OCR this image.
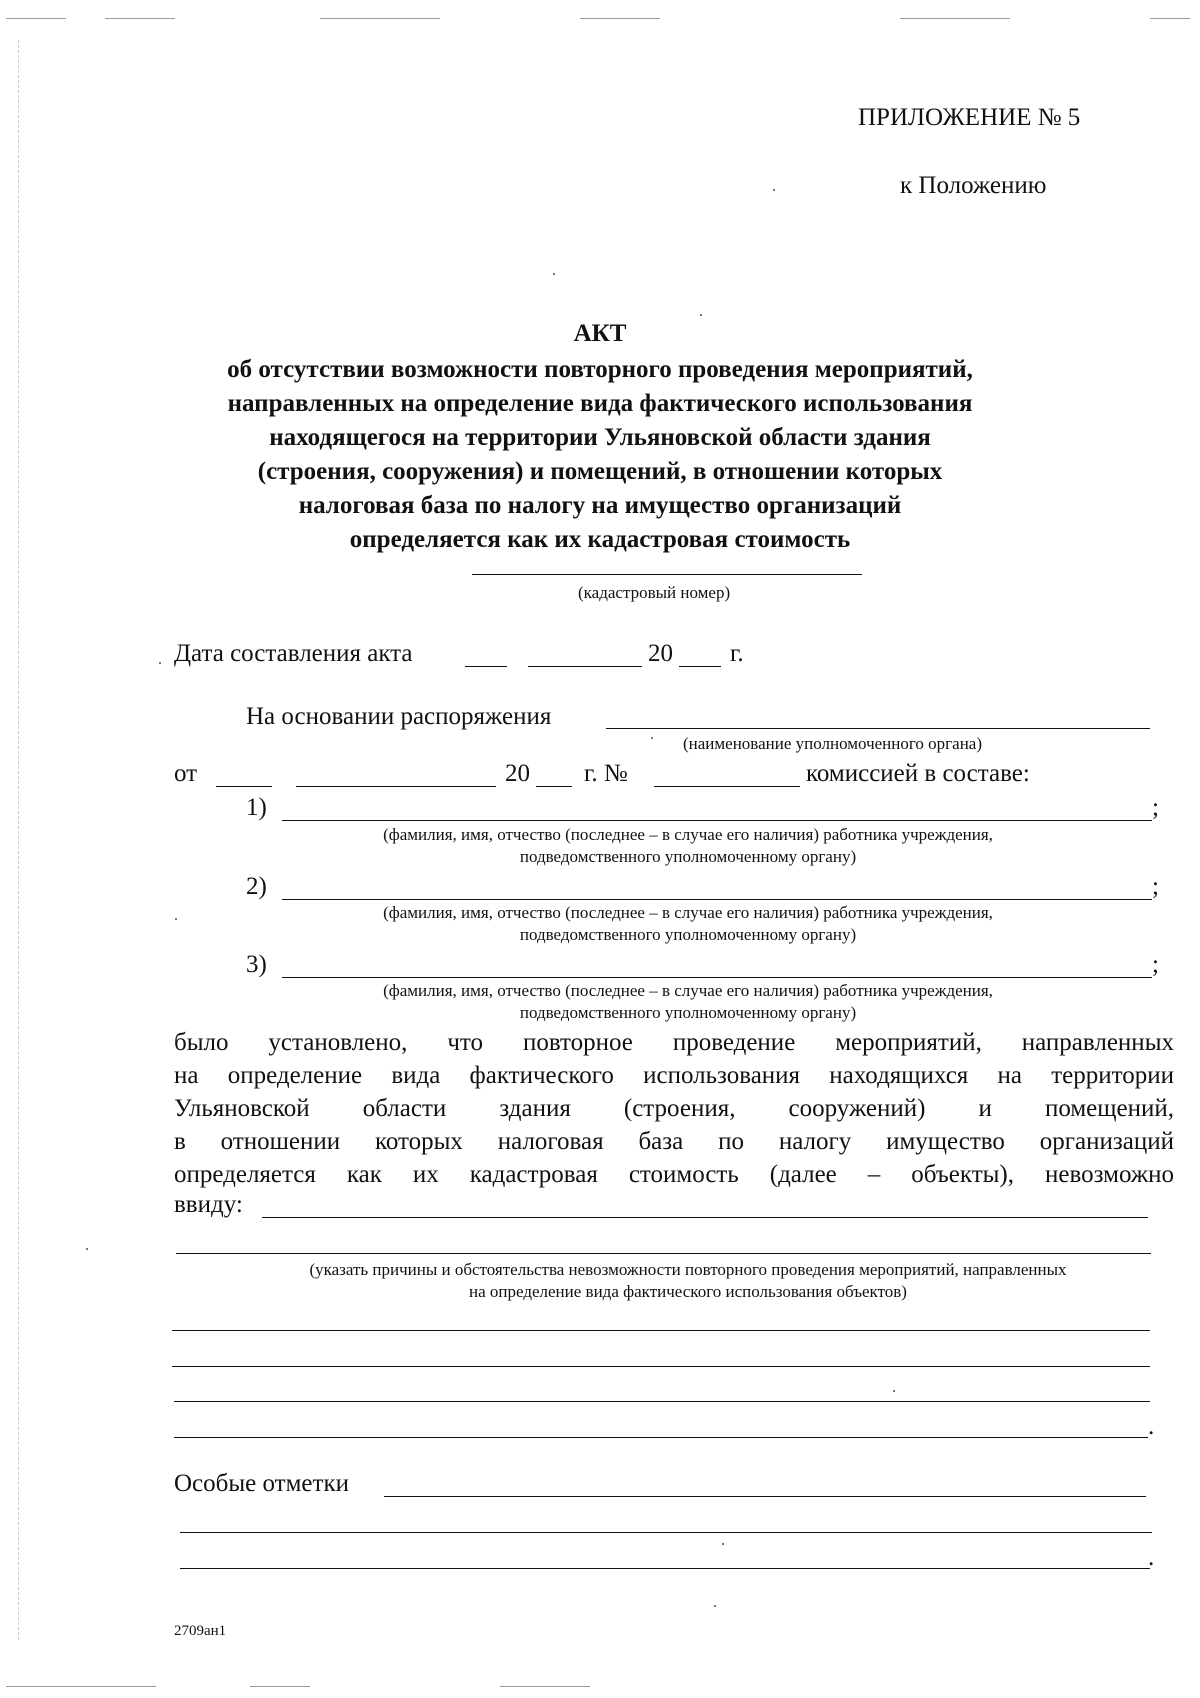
ПРИЛОЖЕНИЕ № 5
к Положению
АКТ
об отсутствии возможности повторного проведения мероприятий,
направленных на определение вида фактического использования
находящегося на территории Ульяновской области здания
(строения, сооружения) и помещений, в отношении которых
налоговая база по налогу на имущество организаций
определяется как их кадастровая стоимость
(кадастровый номер)
Дата составления акта	20 г.
На основании распоряжения
(наименование уполномоченного органа)
от	20 г. №	комиссией в составе:
1)	;
(фамилия, имя, отчество (последнее – в случае его наличия) работника учреждения,
подведомственного уполномоченному органу)
2)	;
(фамилия, имя, отчество (последнее – в случае его наличия) работника учреждения,
подведомственного уполномоченному органу)
3)	;
(фамилия, имя, отчество (последнее – в случае его наличия) работника учреждения,
подведомственного уполномоченному органу)
было установлено, что повторное проведение мероприятий, направленных
на определение вида фактического использования находящихся на территории
Ульяновской области здания (строения, сооружений) и помещений,
в отношении которых налоговая база по налогу имущество организаций
определяется как их кадастровая стоимость (далее – объекты), невозможно
ввиду:
(указать причины и обстоятельства невозможности повторного проведения мероприятий, направленных
на определение вида фактического использования объектов)
.
Особые отметки
.
2709ан1
